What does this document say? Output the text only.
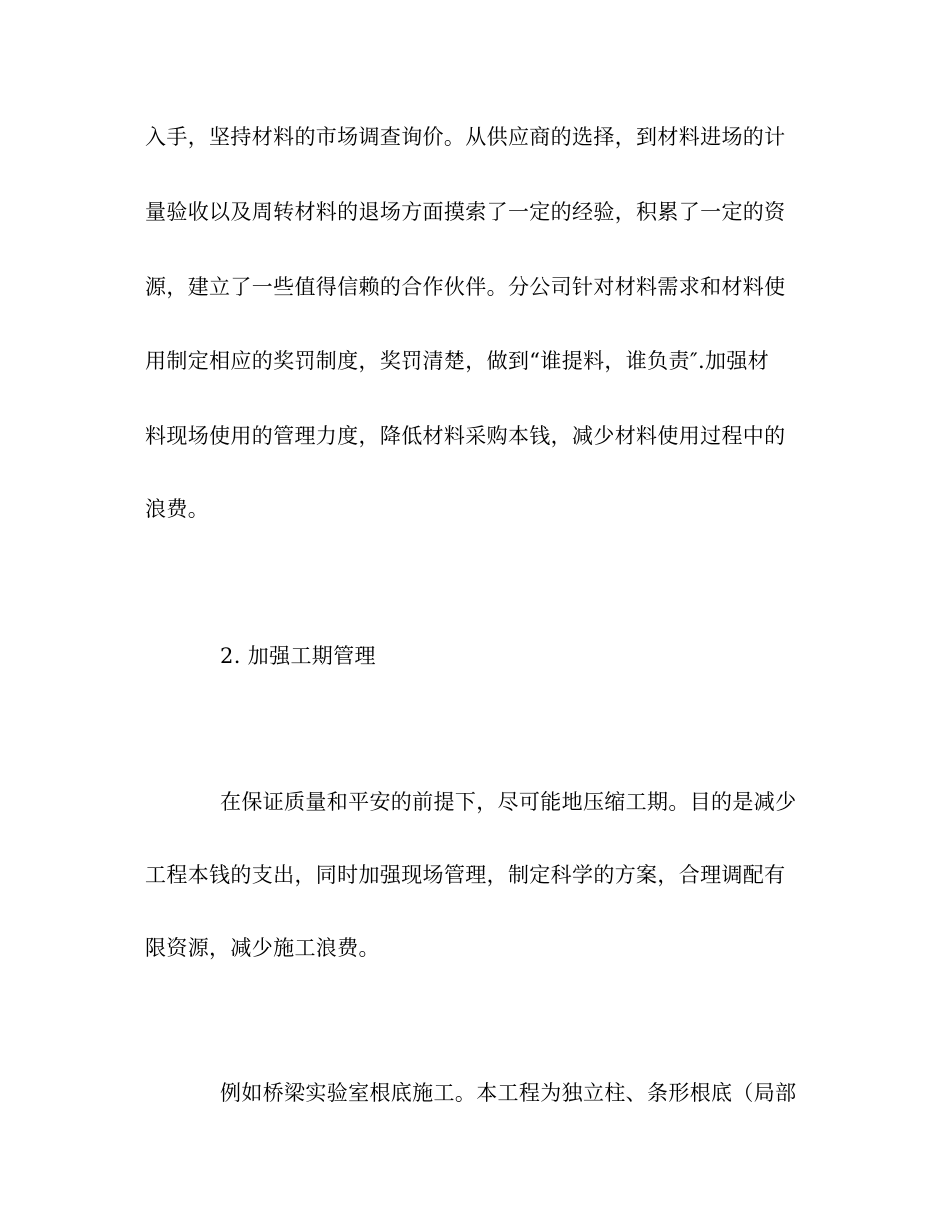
入手，坚持材料的市场调查询价。从供应商的选择，到材料进场的计
量验收以及周转材料的退场方面摸索了一定的经验，积累了一定的资
源，建立了一些值得信赖的合作伙伴。分公司针对材料需求和材料使
用制定相应的奖罚制度，奖罚清楚，做到“谁提料，谁负责″.加强材
料现场使用的管理力度，降低材料采购本钱，减少材料使用过程中的
浪费。
2. 加强工期管理
在保证质量和平安的前提下，尽可能地压缩工期。目的是减少
工程本钱的支出，同时加强现场管理，制定科学的方案，合理调配有
限资源，减少施工浪费。
例如桥梁实验室根底施工。本工程为独立柱、条形根底（局部
